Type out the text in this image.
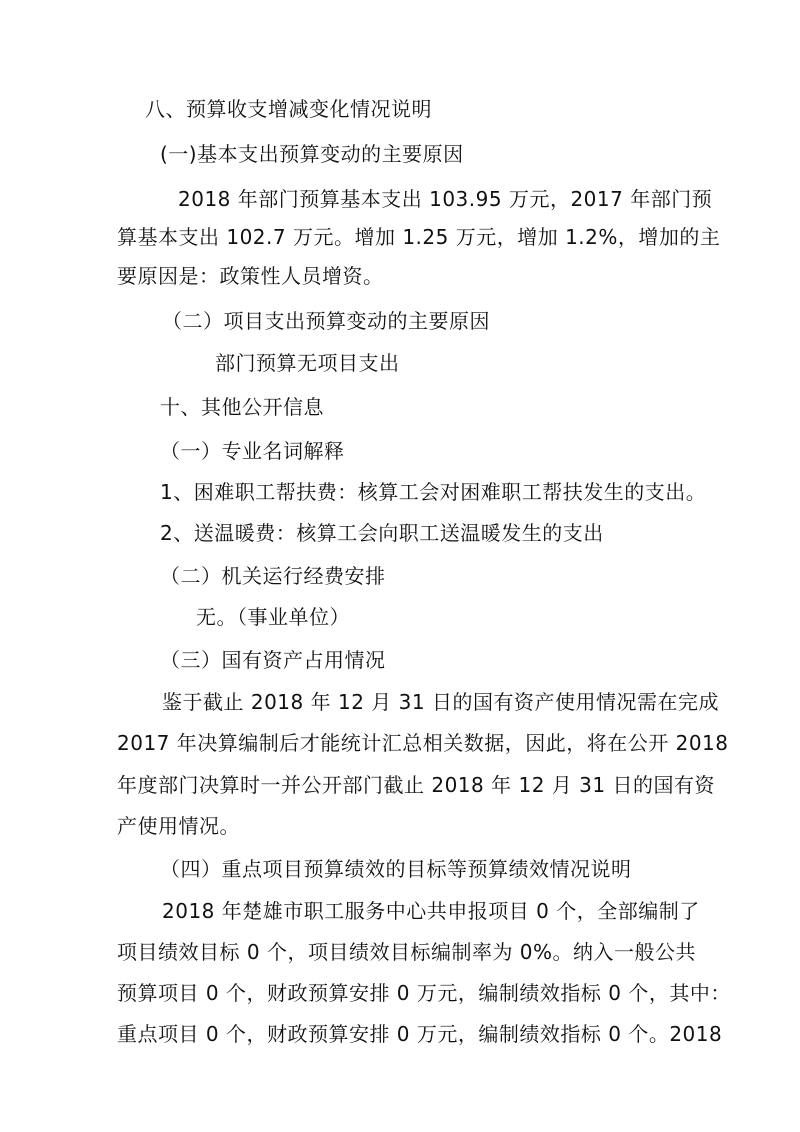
八、预算收支增减变化情况说明
(一)基本支出预算变动的主要原因
2018 年部门预算基本支出 103.95 万元，2017 年部门预
算基本支出 102.7 万元。增加 1.25 万元，增加 1.2%，增加的主
要原因是：政策性人员增资。
（二）项目支出预算变动的主要原因
部门预算无项目支出
十、其他公开信息
（一）专业名词解释
1、困难职工帮扶费：核算工会对困难职工帮扶发生的支出。
2、送温暖费：核算工会向职工送温暖发生的支出
（二）机关运行经费安排
无。（事业单位）
（三）国有资产占用情况
鉴于截止 2018 年 12 月 31 日的国有资产使用情况需在完成
2017 年决算编制后才能统计汇总相关数据，因此，将在公开 2018
年度部门决算时一并公开部门截止 2018 年 12 月 31 日的国有资
产使用情况。
（四）重点项目预算绩效的目标等预算绩效情况说明
2018 年楚雄市职工服务中心共申报项目 0 个，全部编制了
项目绩效目标 0 个，项目绩效目标编制率为 0%。纳入一般公共
预算项目 0 个，财政预算安排 0 万元，编制绩效指标 0 个，其中：
重点项目 0 个，财政预算安排 0 万元，编制绩效指标 0 个。2018
